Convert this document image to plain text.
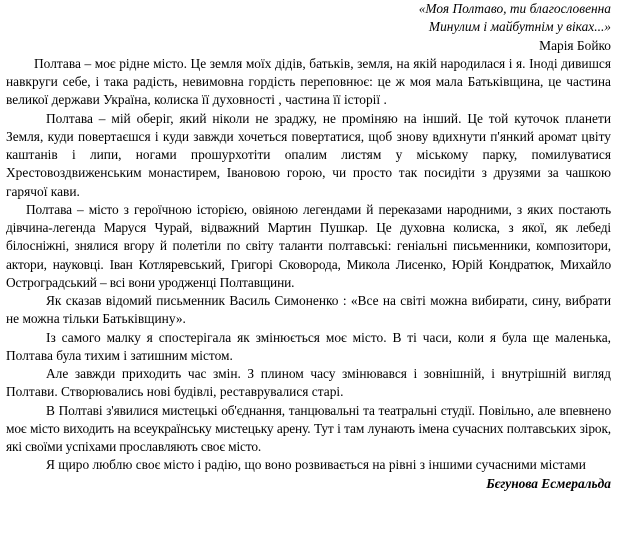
«Моя Полтаво, ти благословенна
Минулим і майбутнім у віках...»
Марія Бойко

Полтава – моє рідне місто. Це земля моїх дідів, батьків, земля, на якій народилася і я. Іноді дивишся навкруги себе, і така радість, невимовна гордість переповнює: це ж моя мала Батьківщина, це частина великої держави Україна, колиска її духовності , частина її історії .

Полтава – мій оберіг, який ніколи не зраджу, не проміняю на інший. Це той куточок планети Земля, куди повертаєшся і куди завжди хочеться повертатися, щоб знову вдихнути п'янкий аромат цвіту каштанів і липи, ногами прошурхотіти опалим листям у міському парку, помилуватися Хрестовоздвиженським монастирем, Івановою горою, чи просто так посидіти з друзями за чашкою гарячої кави.

Полтава – місто з героїчною історією, овіяною легендами й переказами народними, з яких постають дівчина-легенда Маруся Чурай, відважний Мартин Пушкар. Це духовна колиска, з якої, як лебеді білосніжні, знялися вгору й полетіли по світу таланти полтавські: геніальні письменники, композитори, актори, науковці. Іван Котляревський, Григорі Сковорода, Микола Лисенко, Юрій Кондратюк, Михайло Остроградський – всі вони уродженці Полтавщини.

Як сказав відомий письменник Василь Симоненко : «Все на світі можна вибирати, сину, вибрати не можна тільки Батьківщину».

Із самого малку я спостерігала як змінюється моє місто. В ті часи, коли я була ще маленька, Полтава була тихим і затишним містом.

Але завжди приходить час змін. З плином часу змінювався і зовнішній, і внутрішній вигляд Полтави. Створювались нові будівлі, реставрувалися старі.

В Полтаві з'явилися мистецькі об'єднання, танцювальні та театральні студії. Повільно, але впевнено моє місто виходить на всеукраїнську мистецьку арену. Тут і там лунають імена сучасних полтавських зірок, які своїми успіхами прославляють своє місто.

Я щиро люблю своє місто і радію, що воно розвивається на рівні з іншими сучасними містами

Бєгунова Есмеральда
